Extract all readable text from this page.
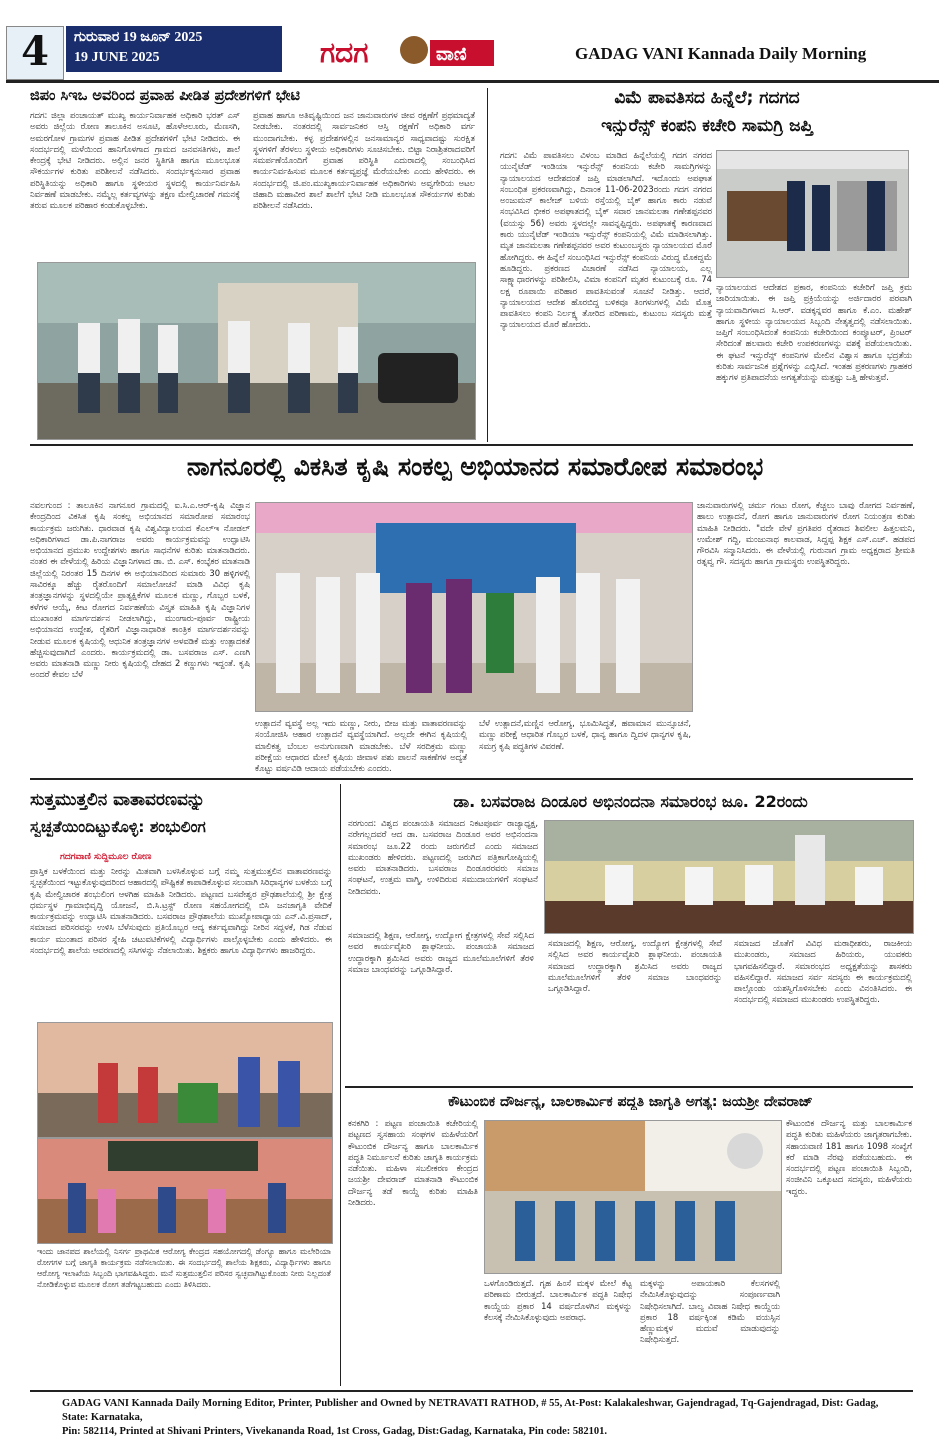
4	ಗುರುವಾರ 19 ಜೂನ್ 2025
19 JUNE 2025	ಗದಗ	ವಾಣಿ	GADAG VANI Kannada Daily Morning
ಜಿಪಂ ಸಿಇಒ ಅವರಿಂದ ಪ್ರವಾಹ ಪೀಡಿತ ಪ್ರದೇಶಗಳಿಗೆ ಭೇಟಿ
ಗದಗ: ಜಿಲ್ಲಾ ಪಂಚಾಯತ್ ಮುಖ್ಯ ಕಾರ್ಯನಿರ್ವಾಹಕ ಅಧಿಕಾರಿ ಭರತ್ ಎಸ್ ಅವರು ಜಿಲ್ಲೆಯ ರೋಣ ತಾಲೂಕಿನ ಅಸೂಟಿ, ಹೊಳೆಆಲೂರು, ಮೆಣಸಗಿ, ಅಮರಗೋಳ ಗ್ರಾಮಗಳ ಪ್ರವಾಹ ಪೀಡಿತ ಪ್ರದೇಶಗಳಿಗೆ ಭೇಟಿ ನೀಡಿದರು. ಈ ಸಂದರ್ಭದಲ್ಲಿ ಮಳೆಯಿಂದ ಹಾನಿಗೊಳಗಾದ ಗ್ರಾಮದ ಜನವಸತಿಗಳು, ಶಾಲೆ ಕೇಂದ್ರಕ್ಕೆ ಭೇಟಿ ನೀಡಿದರು. ಅಲ್ಲಿನ ಜನರ ಸ್ಥಿತಿಗತಿ ಹಾಗೂ ಮೂಲಭೂತ ಸೌಕರ್ಯಗಳ ಕುರಿತು ಪರಿಶೀಲನೆ ನಡೆಸಿದರು. ಸಂದರ್ಭಕ್ಕನುಸಾರ ಪ್ರವಾಹ ಪರಿಸ್ಥಿತಿಯನ್ನು ಅಧಿಕಾರಿ ಹಾಗೂ ಸ್ಥಳೀಯರ ಸ್ಥಳದಲ್ಲಿ ಕಾರ್ಯನಿರ್ವಹಿಸಿ ನಿರ್ವಹಣೆ ಮಾಡಬೇಕು. ನಮ್ಮೆಲ್ಲ ಕರ್ತವ್ಯಗಳನ್ನು ತಕ್ಷಣ ಮೇಲ್ವಿಚಾರಣೆ ಗಮನಕ್ಕೆ ತರುವ ಮೂಲಕ ಪರಿಹಾರ ಕಂಡುಕೊಳ್ಳಬೇಕು.
ಪ್ರವಾಹ ಹಾಗೂ ಅತಿವೃಷ್ಟಿಯಿಂದ ಜನ ಜಾನುವಾರುಗಳ ಜೀವ ರಕ್ಷಣೆಗೆ ಪ್ರಥಮಾದ್ಯತೆ ನೀಡಬೇಕು. ನಂತರದಲ್ಲಿ ಸಾರ್ವಜನಿಕರ ಆಸ್ತಿ ರಕ್ಷಣೆಗೆ ಅಧಿಕಾರಿ ವರ್ಗ ಮುಂದಾಗಬೇಕು. ಕಳ್ಳ ಪ್ರದೇಶಗಳಲ್ಲಿನ ಜನಸಾಮಾನ್ಯರ ಸಾಧ್ಯವಾದಷ್ಟು ಸುರಕ್ಷಿತ ಸ್ಥಳಗಳಿಗೆ ತೆರಳಲು ಸ್ಥಳೀಯ ಅಧಿಕಾರಿಗಳು ಸೂಚಿಸಬೇಕು. ಬಿಟ್ಟಾ ನಿರಾಶ್ರಿತರಾದವರಿಗೆ ಸಮರ್ಪಣೆಯೊಂದಿಗೆ ಪ್ರವಾಹ ಪರಿಸ್ಥಿತಿ ಎದುರಾದಲ್ಲಿ ಸಂಬಂಧಿಸಿದ ಕಾರ್ಯನಿರ್ವಹಿಸುವ ಮೂಲಕ ಕರ್ತವ್ಯಪ್ರಜ್ಞೆ ಮೆರೆಯಬೇಕು ಎಂದು ಹೇಳಿದರು. ಈ ಸಂದರ್ಭದಲ್ಲಿ ಜಿ.ಪಂ.ಮುಖ್ಯಕಾರ್ಯನಿರ್ವಾಹಕ ಅಧಿಕಾರಿಗಳು ಅವ್ವಗೇರಿಯ ಅಟಲ ಜಿಹಾದಿ ಮಹಾವೀರ ಶಾಲೆ ಶಾಲೆಗೆ ಭೇಟಿ ನೀಡಿ ಮೂಲಭೂತ ಸೌಕರ್ಯಗಳ ಕುರಿತು ಪರಿಶೀಲನೆ ನಡೆಸಿದರು.
ವಿಮೆ ಪಾವತಿಸದ ಹಿನ್ನೆಲೆ; ಗದಗದ
ಇನ್ಸುರೆನ್ಸ್ ಕಂಪನಿ ಕಚೇರಿ ಸಾಮಗ್ರಿ ಜಪ್ತಿ
ಗದಗ: ವಿಮೆ ಪಾವತಿಸಲು ವಿಳಂಬ ಮಾಡಿದ ಹಿನ್ನೆಲೆಯಲ್ಲಿ ಗದಗ ನಗರದ ಯುನೈಟೆಡ್ ಇಂಡಿಯಾ ಇನ್ಸುರೆನ್ಸ್ ಕಂಪನಿಯ ಕಚೇರಿ ಸಾಮಗ್ರಿಗಳನ್ನು ನ್ಯಾಯಾಲಯದ ಆದೇಶದಂತೆ ಜಪ್ತಿ ಮಾಡಲಾಗಿದೆ. ಇದೊಂದು ಅಪಘಾತ ಸಂಬಂಧಿತ ಪ್ರಕರಣವಾಗಿದ್ದು, ದಿನಾಂಕ 11-06-2023ರಂದು ಗದಗ ನಗರದ ಅಂಜುಮನ್ ಕಾಲೇಜ್ ಬಳಿಯ ರಸ್ತೆಯಲ್ಲಿ ಬೈಕ್ ಹಾಗೂ ಕಾರು ನಡುವೆ ಸಂಭವಿಸಿದ ಭೀಕರ ಅಪಘಾತದಲ್ಲಿ ಬೈಕ್ ಸವಾರ ಜಾನಮಲತಾ ಗಣೇಶಪ್ಪನವರ (ವಯಸ್ಸು 56) ಅವರು ಸ್ಥಳದಲ್ಲೇ ಸಾವನ್ನಪ್ಪಿದ್ದರು. ಅಪಘಾತಕ್ಕೆ ಕಾರಣವಾದ ಕಾರು ಯುನೈಟೆಡ್ ಇಂಡಿಯಾ ಇನ್ಸುರೆನ್ಸ್ ಕಂಪನಿಯಲ್ಲಿ ವಿಮೆ ಮಾಡಿಸಲಾಗಿತ್ತು. ಮೃತ ಜಾನಮಲತಾ ಗಣೇಶಪ್ಪನವರ ಅವರ ಕುಟುಂಬಸ್ಥರು ನ್ಯಾಯಾಲಯದ ಮೊರೆ ಹೋಗಿದ್ದರು. ಈ ಹಿನ್ನೆಲೆ ಸಂಬಂಧಿಸಿದ ಇನ್ಸುರೆನ್ಸ್ ಕಂಪನಿಯ ವಿರುದ್ಧ ಮೊಕದ್ದಮೆ ಹೂಡಿದ್ದರು. ಪ್ರಕರಣದ ವಿಚಾರಣೆ ನಡೆಸಿದ ನ್ಯಾಯಾಲಯ, ಎಲ್ಲ ಸಾಕ್ಷ್ಯಾಧಾರಗಳನ್ನು ಪರಿಶೀಲಿಸಿ, ವಿಮಾ ಕಂಪನಿಗೆ ಮೃತರ ಕುಟುಂಬಕ್ಕೆ ರೂ. 74 ಲಕ್ಷ ರೂಪಾಯಿ ಪರಿಹಾರ ಪಾವತಿಸುವಂತೆ ಸೂಚನೆ ನೀಡಿತ್ತು. ಆದರೆ, ನ್ಯಾಯಾಲಯದ ಆದೇಶ ಹೊರಬಿದ್ದ ಬಳಿಕವೂ ತಿಂಗಳುಗಳಲ್ಲಿ ವಿಮೆ ಮೊತ್ತ ಪಾವತಿಸಲು ಕಂಪನಿ ನಿರ್ಲಕ್ಷ್ಯ ತೋರಿದ ಪರಿಣಾಮ, ಕುಟುಂಬ ಸದಸ್ಯರು ಮತ್ತೆ ನ್ಯಾಯಾಲಯದ ಮೊರೆ ಹೋದರು.
ನ್ಯಾಯಾಲಯದ ಆದೇಶದ ಪ್ರಕಾರ, ಕಂಪನಿಯ ಕಚೇರಿಗೆ ಜಪ್ತಿ ಕ್ರಮ ಜಾರಿಯಾಯಿತು. ಈ ಜಪ್ತಿ ಪ್ರಕ್ರಿಯೆಯನ್ನು ಅರ್ಜಿದಾರರ ಪರವಾಗಿ ನ್ಯಾಯವಾದಿಗಳಾದ ಸಿ.ಆರ್. ವಡಕ್ಕನ್ನವರ ಹಾಗೂ ಕೆ.ಎಂ. ಮಹೇಶ್ ಹಾಗೂ ಸ್ಥಳೀಯ ನ್ಯಾಯಾಲಯದ ಸಿಬ್ಬಂದಿ ನೇತೃತ್ವದಲ್ಲಿ ನಡೆಸಲಾಯಿತು. ಜಪ್ತಿಗೆ ಸಂಬಂಧಿಸಿದಂತೆ ಕಂಪನಿಯ ಕಚೇರಿಯಿಂದ ಕಂಪ್ಯೂಟರ್, ಪ್ರಿಂಟರ್ ಸೇರಿದಂತೆ ಹಲವಾರು ಕಚೇರಿ ಉಪಕರಣಗಳನ್ನು ವಶಕ್ಕೆ ಪಡೆಯಲಾಯಿತು. ಈ ಘಟನೆ ಇನ್ಸುರೆನ್ಸ್ ಕಂಪನಿಗಳ ಮೇಲಿನ ವಿಶ್ವಾಸ ಹಾಗೂ ಭದ್ರತೆಯ ಕುರಿತು ಸಾರ್ವಜನಿಕ ಪ್ರಶ್ನೆಗಳನ್ನು ಎಬ್ಬಿಸಿದೆ. ಇಂತಹ ಪ್ರಕರಣಗಳು ಗ್ರಾಹಕರ ಹಕ್ಕುಗಳ ಪ್ರತಿಪಾದನೆಯ ಅಗತ್ಯತೆಯನ್ನು ಮತ್ತಷ್ಟು ಒತ್ತಿ ಹೇಳುತ್ತವೆ.
ನಾಗನೂರಲ್ಲಿ ವಿಕಸಿತ ಕೃಷಿ ಸಂಕಲ್ಪ ಅಭಿಯಾನದ ಸಮಾರೋಪ ಸಮಾರಂಭ
ನವಲಗುಂದ : ತಾಲೂಕಿನ ನಾಗನೂರ ಗ್ರಾಮದಲ್ಲಿ ಐ.ಸಿ.ಎ.ಆರ್-ಕೃಷಿ ವಿಜ್ಞಾನ ಕೇಂದ್ರದಿಂದ ವಿಕಸಿತ ಕೃಷಿ ಸಂಕಲ್ಪ ಅಭಿಯಾನದ ಸಮಾರೋಪ ಸಮಾರಂಭ ಕಾರ್ಯಕ್ರಮ ಜರುಗಿತು. ಧಾರವಾಡ ಕೃಷಿ ವಿಶ್ವವಿದ್ಯಾಲಯದ ಕೆಎಲ್‌ಇ ನೋಡಲ್ ಅಧಿಕಾರಿಗಳಾದ ಡಾ.ಪಿ.ನಾಗರಾಜ ಅವರು ಕಾರ್ಯಕ್ರಮವನ್ನು ಉದ್ಘಾಟಿಸಿ ಅಭಿಯಾನದ ಪ್ರಮುಖ ಉದ್ದೇಶಗಳು ಹಾಗೂ ಸಾಧನೆಗಳ ಕುರಿತು ಮಾತನಾಡಿದರು. ನಂತರ ಈ ವೇಳೆಯಲ್ಲಿ ಹಿರಿಯ ವಿಜ್ಞಾನಿಗಳಾದ ಡಾ. ಬಿ. ಎಸ್. ಕಂಬ್ಳೆಕರ ಮಾತನಾಡಿ ಜಿಲ್ಲೆಯಲ್ಲಿ ನಿರಂತರ 15 ದಿನಗಳ ಈ ಅಭಿಯಾನದಿಂದ ಸುಮಾರು 30 ಹಳ್ಳಿಗಳಲ್ಲಿ ಸಾವಿರಕ್ಕೂ ಹೆಚ್ಚು ರೈತರೊಂದಿಗೆ ಸಮಾಲೋಚನೆ ಮಾಡಿ ವಿವಿಧ ಕೃಷಿ ತಂತ್ರಜ್ಞಾನಗಳನ್ನು ಸ್ಥಳದಲ್ಲಿಯೇ ಪ್ರಾತ್ಯಕ್ಷಿಕೆಗಳ ಮೂಲಕ ಮಣ್ಣು, ಗೊಬ್ಬರ ಬಳಕೆ, ಕಳೆಗಳ ಆಯ್ಕೆ, ಕೀಟ ರೋಗದ ನಿರ್ವಹಣೆಯ ವಿಸ್ತೃತ ಮಾಹಿತಿ ಕೃಷಿ ವಿಜ್ಞಾನಿಗಳ ಮುಖಾಂತರ ಮಾರ್ಗದರ್ಶನ ನೀಡಲಾಗಿದ್ದು, ಮುಂಗಾರು-ಪೂರ್ವ ರಾಷ್ಟ್ರೀಯ ಅಭಿಯಾನದ ಉದ್ದೇಶ, ರೈತರಿಗೆ ವಿಜ್ಞಾನಾಧಾರಿತ ಕಾಂತ್ರಿಕ ಮಾರ್ಗದರ್ಶನವನ್ನು ನೀಡುವ ಮೂಲಕ ಕೃಷಿಯಲ್ಲಿ ಆಧುನಿಕ ತಂತ್ರಜ್ಞಾನಗಳ ಅಳವಡಿಕೆ ಮತ್ತು ಉತ್ಪಾದಕತೆ ಹೆಚ್ಚಿಸುವುದಾಗಿದೆ ಎಂದರು. ಕಾರ್ಯಕ್ರಮದಲ್ಲಿ ಡಾ. ಬಸವರಾಜ ಎಸ್. ಎಣಗಿ ಅವರು ಮಾತನಾಡಿ ಮಣ್ಣು ನೀರು ಕೃಷಿಯಲ್ಲಿ ದೇಹದ 2 ಕಣ್ಣುಗಳು ಇದ್ದಂತೆ. ಕೃಷಿ ಅಂದರೆ ಕೇವಲ ಬೆಳೆ
ಉತ್ಪಾದನೆ ವ್ಯವಸ್ಥೆ ಅಲ್ಲ ಇದು ಮಣ್ಣು, ನೀರು, ಬೀಜ ಮತ್ತು ವಾತಾವರಣವನ್ನು ಸಂಯೋಜಿಸಿ ಆಹಾರ ಉತ್ಪಾದನೆ ವ್ಯವಸ್ಥೆಯಾಗಿದೆ. ಅಲ್ಲದೇ ಈಗಿನ ಕೃಷಿಯಲ್ಲಿ ಮಾಲಿಕತ್ವ ಬೆಂಬಲ ಅನುಗುಣವಾಗಿ ಮಾಡಬೇಕು. ಬೆಳೆ ಸರದಿಕ್ರಮ ಮಣ್ಣು ಪರೀಕ್ಷೆಯ ಆಧಾರದ ಮೇಲೆ ಕೃಷಿಯ ಜೀವಾಳ ಪಶು ಪಾಲನೆ ಸಾಕಣೆಗಳ ಅದ್ಯತೆ ಕೊಟ್ಟು ವರ್ಷವಿಡಿ ಆದಾಯ ಪಡೆಯಬೇಕು ಎಂದರು.
ಬೆಳೆ ಉತ್ಪಾದನೆ,ಮಣ್ಣಿನ ಆರೋಗ್ಯ, ಭೂಮಿಸಿದ್ಧತೆ, ಹವಾಮಾನ ಮುನ್ಸೂಚನೆ, ಮಣ್ಣು ಪರೀಕ್ಷೆ ಆಧಾರಿತ ಗೊಬ್ಬರ ಬಳಕೆ, ಧಾನ್ಯ ಹಾಗೂ ದ್ವಿದಳ ಧಾನ್ಯಗಳ ಕೃಷಿ, ಸಮಗ್ರ ಕೃಷಿ ಪದ್ಧತಿಗಳ ವಿವರಣೆ.
ಜಾನುವಾರುಗಳಲ್ಲಿ ಚರ್ಮ ಗಂಟು ರೋಗ, ಕೆಚ್ಚಲು ಬಾವು ರೋಗದ ನಿರ್ವಹಣೆ, ಹಾಲು ಉತ್ಪಾದನೆ, ರೋಗ ಹಾಗೂ ಜಾನುವಾರುಗಳ ರೋಗ ನಿಯಂತ್ರಣ ಕುರಿತು ಮಾಹಿತಿ ನೀಡಿದರು. "ವದೇ ವೇಳೆ ಪ್ರಗತಿಪರ ರೈತರಾದ ಶಿವಲೀಲ ಹಿತ್ತಲಮನಿ, ಉಮೇಶ್ ಗದ್ದಿ, ಮಂಜುನಾಥ ಕಾಲವಾಡ, ಸಿದ್ದಪ್ಪ ಶಿಕ್ಷಕ ಎಸ್.ಎಚ್. ಹಡಪದ ಗೌರವಿಸಿ ಸನ್ಮಾನಿಸಿದರು. ಈ ವೇಳೆಯಲ್ಲಿ ಗುರುನಾಗ ಗ್ರಾಮ ಅಧ್ಯಕ್ಷರಾದ ಶ್ರೀಮತಿ ರತ್ನವ್ವ ಗೌ. ಸದಸ್ಯರು ಹಾಗೂ ಗ್ರಾಮಸ್ಥರು ಉಪಸ್ಥಿತರಿದ್ದರು.
ಸುತ್ತಮುತ್ತಲಿನ ವಾತಾವರಣವನ್ನು
ಸ್ವಚ್ಛತೆಯಿಂದಿಟ್ಟುಕೊಳ್ಳಿ: ಶಂಭುಲಿಂಗ
ಗದಗವಾಣಿ ಸುದ್ದಿಮೂಲ ರೋಣ
ಪ್ರಾಸ್ತಿಕ ಬಳಕೆಯಿಂದ ಮತ್ತು ನೀರನ್ನು ಮಿತವಾಗಿ ಬಳಸಿಕೊಳ್ಳುವ ಬಗ್ಗೆ ನಮ್ಮ ಸುತ್ತಮುತ್ತಲಿನ ವಾತಾವರಣವನ್ನು ಸ್ವಚ್ಛತೆಯಿಂದ ಇಟ್ಟುಕೊಳ್ಳುವುದರಿಂದ ಆಹಾರದಲ್ಲಿ ಪೌಷ್ಟಿಕತೆ ಕಾಪಾಡಿಕೊಳ್ಳುವ ಸಲುವಾಗಿ ಸಿರಿಧಾನ್ಯಗಳ ಬಳಕೆಯ ಬಗ್ಗೆ ಕೃಷಿ ಮೇಲ್ವಿಚಾರಕ ಶಂಭುಲಿಂಗ ಆಳಗಿಹ ಮಾಹಿತಿ ನೀಡಿದರು. ಪಟ್ಟಣದ ಬಸವೇಶ್ವರ ಪ್ರೌಢಶಾಲೆಯಲ್ಲಿ ಶ್ರೀ ಕ್ಷೇತ್ರ ಧರ್ಮಸ್ಥಳ ಗ್ರಾಮಾಭಿವೃದ್ಧಿ ಯೋಜನೆ, ಬಿ.ಸಿ.ಟ್ರಸ್ಟ್ ರೋಣ ಸಹಯೋಗದಲ್ಲಿ ಬಿಸಿ ಜನಜಾಗೃತಿ ವೇದಿಕೆ ಕಾರ್ಯಕ್ರಮವನ್ನು ಉದ್ಘಾಟಿಸಿ ಮಾತನಾಡಿದರು. ಬಸವರಾಜ ಪ್ರೌಢಶಾಲೆಯ ಮುಖ್ಯೋಪಾಧ್ಯಾಯ ಎನ್.ವಿ.ಪ್ರಸಾದ್, ಸಮಾಜದ ಪರಿಸರವನ್ನು ಉಳಿಸಿ ಬೆಳೆಸುವುದು ಪ್ರತಿಯೊಬ್ಬರ ಆದ್ಯ ಕರ್ತವ್ಯವಾಗಿದ್ದು ನೀರಿನ ಸದ್ಬಳಕೆ, ಗಿಡ ನೆಡುವ ಕಾರ್ಯ ಮುಂತಾದ ಪರಿಸರ ಸ್ನೇಹಿ ಚಟುವಟಿಕೆಗಳಲ್ಲಿ ವಿದ್ಯಾರ್ಥಿಗಳು ಪಾಲ್ಗೊಳ್ಳಬೇಕು ಎಂದು ಹೇಳಿದರು. ಈ ಸಂದರ್ಭದಲ್ಲಿ ಶಾಲೆಯ ಆವರಣದಲ್ಲಿ ಸಸಿಗಳನ್ನು ನೆಡಲಾಯಿತು. ಶಿಕ್ಷಕರು ಹಾಗೂ ವಿದ್ಯಾರ್ಥಿಗಳು ಹಾಜರಿದ್ದರು.
ಇಂದು ಜಾನಪದ ಶಾಲೆಯಲ್ಲಿ ನಿಸರ್ಗ ಪ್ರಾಥಮಿಕ ಆರೋಗ್ಯ ಕೇಂದ್ರದ ಸಹಯೋಗದಲ್ಲಿ ಡೆಂಗ್ಯೂ ಹಾಗೂ ಮಲೇರಿಯಾ ರೋಗಗಳ ಬಗ್ಗೆ ಜಾಗೃತಿ ಕಾರ್ಯಕ್ರಮ ನಡೆಸಲಾಯಿತು. ಈ ಸಂದರ್ಭದಲ್ಲಿ ಶಾಲೆಯ ಶಿಕ್ಷಕರು, ವಿದ್ಯಾರ್ಥಿಗಳು ಹಾಗೂ ಆರೋಗ್ಯ ಇಲಾಖೆಯ ಸಿಬ್ಬಂದಿ ಭಾಗವಹಿಸಿದ್ದರು. ಮನೆ ಸುತ್ತಮುತ್ತಲಿನ ಪರಿಸರ ಸ್ವಚ್ಛವಾಗಿಟ್ಟುಕೊಂಡು ನೀರು ನಿಲ್ಲದಂತೆ ನೋಡಿಕೊಳ್ಳುವ ಮೂಲಕ ರೋಗ ತಡೆಗಟ್ಟಬಹುದು ಎಂದು ತಿಳಿಸಿದರು.
ಡಾ. ಬಸವರಾಜ ದಿಂಡೂರ ಅಭಿನಂದನಾ ಸಮಾರಂಭ ಜೂ. 22ರಂದು
ನರಗುಂದ: ವಿಶ್ವದ ಪಂಚಾಯತಿ ಸಮಾಜದ ನಿಕಟಪೂರ್ವ ರಾಜ್ಯಾಧ್ಯಕ್ಷ, ನರೇಗಲ್ಲದವರೆ ಆದ ಡಾ. ಬಸವರಾಜ ದಿಂಡೂರ ಅವರ ಅಭಿನಂದನಾ ಸಮಾರಂಭ ಜೂ.22 ರಂದು ಜರುಗಲಿದೆ ಎಂದು ಸಮಾಜದ ಮುಖಂಡರು ಹೇಳಿದರು. ಪಟ್ಟಣದಲ್ಲಿ ಜರುಗಿದ ಪತ್ರಿಕಾಗೋಷ್ಠಿಯಲ್ಲಿ ಅವರು ಮಾತನಾಡಿದರು. ಬಸವರಾಜ ದಿಂಡೂರರವರು ಸಮಾಜ ಸಂಘಟನೆ, ಉತ್ತಮ ವಾಗ್ಮಿ, ಉಳಿದಿರುವ ಸಮುದಾಯಗಳಿಗೆ ಸಂಘಟನೆ ನೀಡಿದವರು.
ಸಮಾಜದಲ್ಲಿ ಶಿಕ್ಷಣ, ಆರೋಗ್ಯ, ಉದ್ಯೋಗ ಕ್ಷೇತ್ರಗಳಲ್ಲಿ ಸೇವೆ ಸಲ್ಲಿಸಿದ ಅವರ ಕಾರ್ಯವೈಖರಿ ಶ್ಲಾಘನೀಯ. ಪಂಚಾಯತಿ ಸಮಾಜದ ಉದ್ಧಾರಕ್ಕಾಗಿ ಶ್ರಮಿಸಿದ ಅವರು ರಾಜ್ಯದ ಮೂಲೆಮೂಲೆಗಳಿಗೆ ತೆರಳಿ ಸಮಾಜ ಬಾಂಧವರನ್ನು ಒಗ್ಗೂಡಿಸಿದ್ದಾರೆ.
ಸಮಾಜದಲ್ಲಿ ಶಿಕ್ಷಣ, ಆರೋಗ್ಯ, ಉದ್ಯೋಗ ಕ್ಷೇತ್ರಗಳಲ್ಲಿ ಸೇವೆ ಸಲ್ಲಿಸಿದ ಅವರ ಕಾರ್ಯವೈಖರಿ ಶ್ಲಾಘನೀಯ. ಪಂಚಾಯತಿ ಸಮಾಜದ ಉದ್ಧಾರಕ್ಕಾಗಿ ಶ್ರಮಿಸಿದ ಅವರು ರಾಜ್ಯದ ಮೂಲೆಮೂಲೆಗಳಿಗೆ ತೆರಳಿ ಸಮಾಜ ಬಾಂಧವರನ್ನು ಒಗ್ಗೂಡಿಸಿದ್ದಾರೆ.
ಸಮಾಜದ ಜೊತೆಗೆ ವಿವಿಧ ಮಠಾಧೀಶರು, ರಾಜಕೀಯ ಮುಖಂಡರು, ಸಮಾಜದ ಹಿರಿಯರು, ಯುವಕರು ಭಾಗವಹಿಸಲಿದ್ದಾರೆ. ಸಮಾರಂಭದ ಅಧ್ಯಕ್ಷತೆಯನ್ನು ಶಾಸಕರು ವಹಿಸಲಿದ್ದಾರೆ. ಸಮಾಜದ ಸರ್ವ ಸದಸ್ಯರು ಈ ಕಾರ್ಯಕ್ರಮದಲ್ಲಿ ಪಾಲ್ಗೊಂಡು ಯಶಸ್ವಿಗೊಳಿಸಬೇಕು ಎಂದು ವಿನಂತಿಸಿದರು. ಈ ಸಂದರ್ಭದಲ್ಲಿ ಸಮಾಜದ ಮುಖಂಡರು ಉಪಸ್ಥಿತರಿದ್ದರು.
ಕೌಟುಂಬಿಕ ದೌರ್ಜನ್ಯ, ಬಾಲಕಾರ್ಮಿಕ ಪದ್ಧತಿ ಜಾಗೃತಿ ಅಗತ್ಯ: ಜಯಶ್ರೀ ದೇವರಾಜ್
ಕನಕಗಿರಿ : ಪಟ್ಟಣ ಪಂಚಾಯಿತಿ ಕಚೇರಿಯಲ್ಲಿ ಪಟ್ಟಣದ ಸ್ವಸಹಾಯ ಸಂಘಗಳ ಮಹಿಳೆಯರಿಗೆ ಕೌಟುಂಬಿಕ ದೌರ್ಜನ್ಯ ಹಾಗೂ ಬಾಲಕಾರ್ಮಿಕ ಪದ್ಧತಿ ನಿರ್ಮೂಲನೆ ಕುರಿತು ಜಾಗೃತಿ ಕಾರ್ಯಕ್ರಮ ನಡೆಯಿತು. ಮಹಿಳಾ ಸಬಲೀಕರಣ ಕೇಂದ್ರದ ಜಯಶ್ರೀ ದೇವರಾಜ್ ಮಾತನಾಡಿ ಕೌಟುಂಬಿಕ ದೌರ್ಜನ್ಯ ತಡೆ ಕಾಯ್ದೆ ಕುರಿತು ಮಾಹಿತಿ ನೀಡಿದರು.
ಒಳಗೊಂಡಿರುತ್ತದೆ. ಗೃಹ ಹಿಂಸೆ ಮಕ್ಕಳ ಮೇಲೆ ಕೆಟ್ಟ ಪರಿಣಾಮ ಬೀರುತ್ತದೆ. ಬಾಲಕಾರ್ಮಿಕ ಪದ್ಧತಿ ನಿಷೇಧ ಕಾಯ್ದೆಯ ಪ್ರಕಾರ 14 ವರ್ಷದೊಳಗಿನ ಮಕ್ಕಳನ್ನು ಕೆಲಸಕ್ಕೆ ನೇಮಿಸಿಕೊಳ್ಳುವುದು ಅಪರಾಧ.
ಮಕ್ಕಳನ್ನು ಅಪಾಯಕಾರಿ ಕೆಲಸಗಳಲ್ಲಿ ನೇಮಿಸಿಕೊಳ್ಳುವುದನ್ನು ಸಂಪೂರ್ಣವಾಗಿ ನಿಷೇಧಿಸಲಾಗಿದೆ. ಬಾಲ್ಯ ವಿವಾಹ ನಿಷೇಧ ಕಾಯ್ದೆಯ ಪ್ರಕಾರ 18 ವರ್ಷಕ್ಕಿಂತ ಕಡಿಮೆ ವಯಸ್ಸಿನ ಹೆಣ್ಣುಮಕ್ಕಳ ಮದುವೆ ಮಾಡುವುದನ್ನು ನಿಷೇಧಿಸುತ್ತದೆ.
ಕೌಟುಂಬಿಕ ದೌರ್ಜನ್ಯ ಮತ್ತು ಬಾಲಕಾರ್ಮಿಕ ಪದ್ಧತಿ ಕುರಿತು ಮಹಿಳೆಯರು ಜಾಗೃತರಾಗಬೇಕು. ಸಹಾಯವಾಣಿ 181 ಹಾಗೂ 1098 ಸಂಖ್ಯೆಗೆ ಕರೆ ಮಾಡಿ ನೆರವು ಪಡೆಯಬಹುದು. ಈ ಸಂದರ್ಭದಲ್ಲಿ ಪಟ್ಟಣ ಪಂಚಾಯಿತಿ ಸಿಬ್ಬಂದಿ, ಸಂಜೀವಿನಿ ಒಕ್ಕೂಟದ ಸದಸ್ಯರು, ಮಹಿಳೆಯರು ಇದ್ದರು.
GADAG VANI Kannada Daily Morning Editor, Printer, Publisher and Owned by NETRAVATI RATHOD, # 55, At-Post: Kalakaleshwar, Gajendragad, Tq-Gajendragad, Dist: Gadag, State: Karnataka,
Pin: 582114, Printed at Shivani Printers, Vivekananda Road, 1st Cross, Gadag, Dist:Gadag, Karnataka, Pin code: 582101.
